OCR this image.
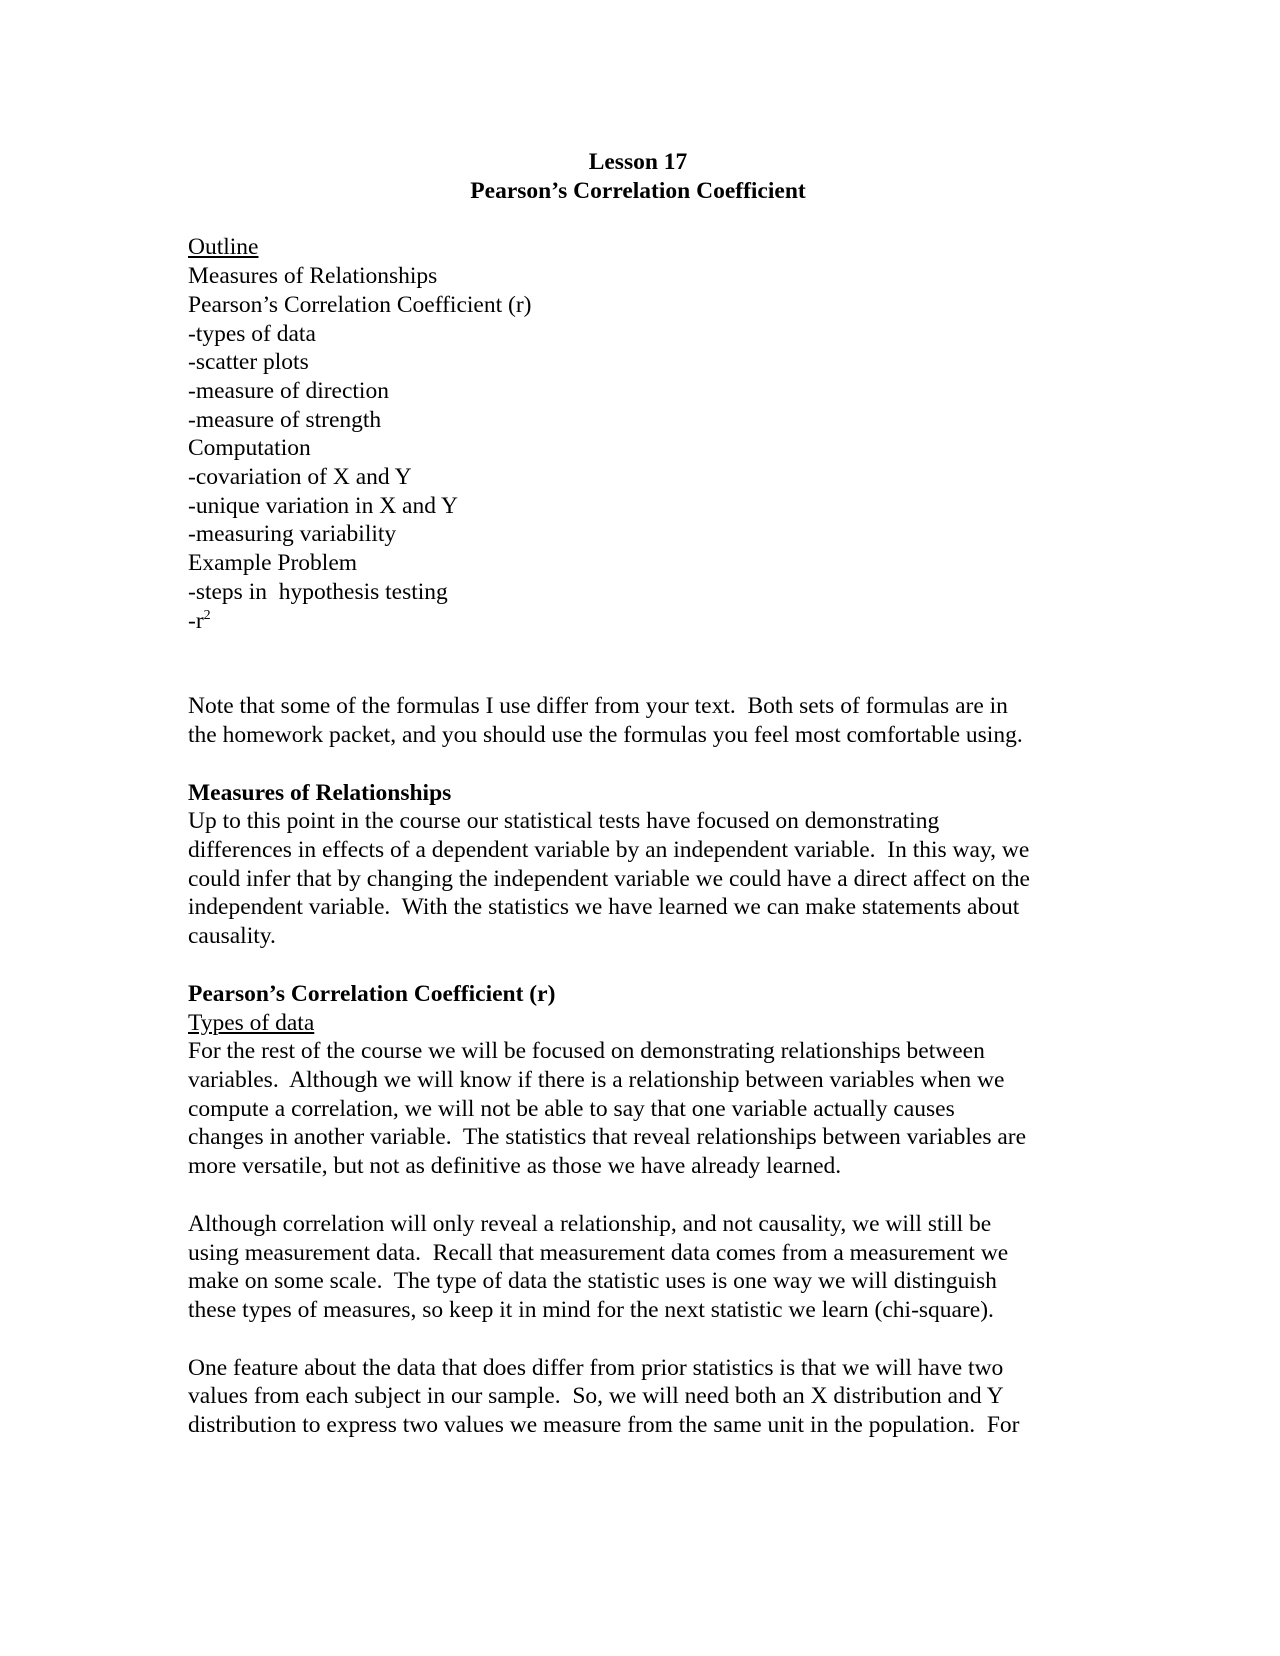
Lesson 17
Pearson’s Correlation Coefficient
Outline
Measures of Relationships
Pearson’s Correlation Coefficient (r)
-types of data
-scatter plots
-measure of direction
-measure of strength
Computation
-covariation of X and Y
-unique variation in X and Y
-measuring variability
Example Problem
-steps in  hypothesis testing
$-r^2$
Note that some of the formulas I use differ from your text.  Both sets of formulas are in
the homework packet, and you should use the formulas you feel most comfortable using.
Measures of Relationships
Up to this point in the course our statistical tests have focused on demonstrating
differences in effects of a dependent variable by an independent variable.  In this way, we
could infer that by changing the independent variable we could have a direct affect on the
independent variable.  With the statistics we have learned we can make statements about
causality.
Pearson’s Correlation Coefficient (r)
Types of data
For the rest of the course we will be focused on demonstrating relationships between
variables.  Although we will know if there is a relationship between variables when we
compute a correlation, we will not be able to say that one variable actually causes
changes in another variable.  The statistics that reveal relationships between variables are
more versatile, but not as definitive as those we have already learned.
Although correlation will only reveal a relationship, and not causality, we will still be
using measurement data.  Recall that measurement data comes from a measurement we
make on some scale.  The type of data the statistic uses is one way we will distinguish
these types of measures, so keep it in mind for the next statistic we learn (chi-square).
One feature about the data that does differ from prior statistics is that we will have two
values from each subject in our sample.  So, we will need both an X distribution and Y
distribution to express two values we measure from the same unit in the population.  For
